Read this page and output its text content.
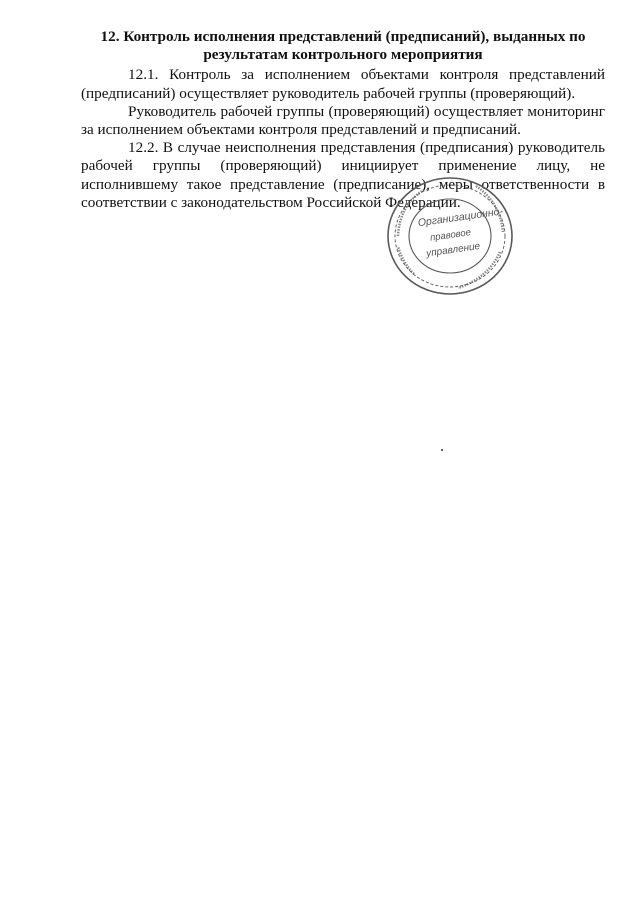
12. Контроль исполнения представлений (предписаний), выданных по результатам контрольного мероприятия

12.1. Контроль за исполнением объектами контроля представлений (предписаний) осуществляет руководитель рабочей группы (проверяющий).

Руководитель рабочей группы (проверяющий) осуществляет мониторинг за исполнением объектами контроля представлений и предписаний.

12.2. В случае неисполнения представления (предписания) руководитель рабочей группы (проверяющий) инициирует применение лицу, не исполнившему такое представление (предписание), меры ответственности в соответствии с законодательством Российской Федерации.

Организационно-
правовое
управление
